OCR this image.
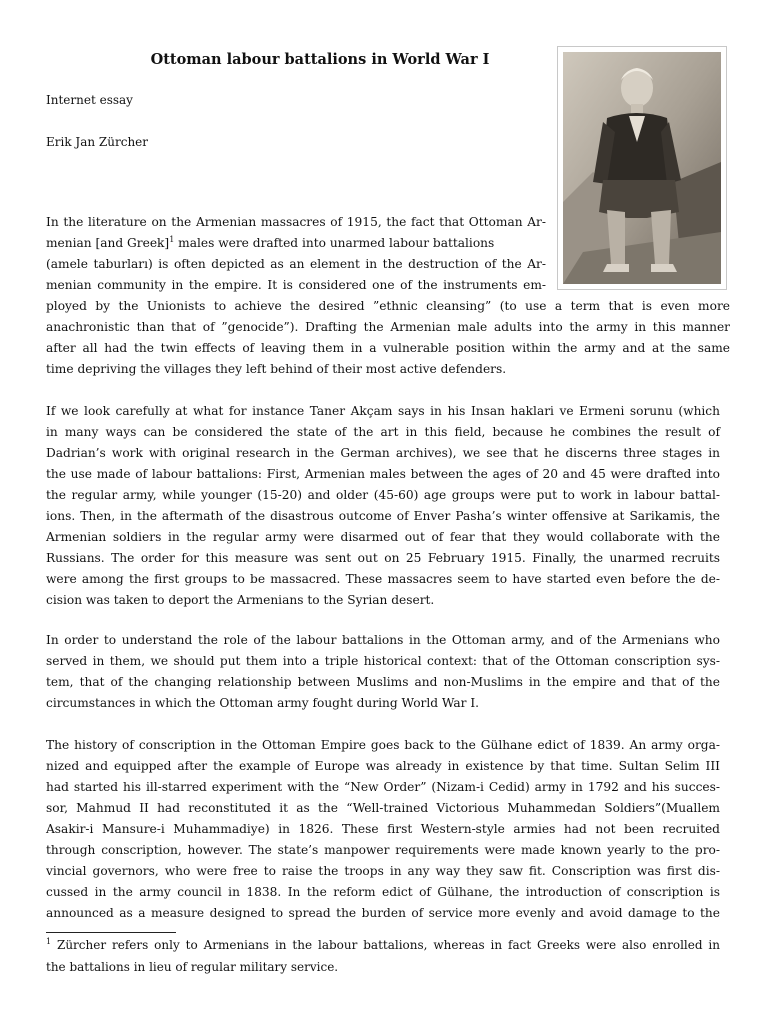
Ottoman labour battalions in World War I
Internet essay
Erik Jan Zürcher
In the literature on the Armenian massacres of 1915, the fact that Ottoman Ar-
menian [and Greek]$^1$ males were drafted into unarmed labour battalions
(amele taburları) is often depicted as an element in the destruction of the Ar-
menian community in the empire. It is considered one of the instruments em-
ployed by the Unionists to achieve the desired ”ethnic cleansing” (to use a term that is even more
anachronistic than that of ”genocide”). Drafting the Armenian male adults into the army in this manner
after all had the twin effects of leaving them in a vulnerable position within the army and at the same
time depriving the villages they left behind of their most active defenders.
If we look carefully at what for instance Taner Akçam says in his Insan haklari ve Ermeni sorunu (which
in many ways can be considered the state of the art in this field, because he combines the result of
Dadrian’s work with original research in the German archives), we see that he discerns three stages in
the use made of labour battalions: First, Armenian males between the ages of 20 and 45 were drafted into
the regular army, while younger (15-20) and older (45-60) age groups were put to work in labour battal-
ions. Then, in the aftermath of the disastrous outcome of Enver Pasha’s winter offensive at Sarikamis, the
Armenian soldiers in the regular army were disarmed out of fear that they would collaborate with the
Russians. The order for this measure was sent out on 25 February 1915. Finally, the unarmed recruits
were among the first groups to be massacred. These massacres seem to have started even before the de-
cision was taken to deport the Armenians to the Syrian desert.
In order to understand the role of the labour battalions in the Ottoman army, and of the Armenians who
served in them, we should put them into a triple historical context: that of the Ottoman conscription sys-
tem, that of the changing relationship between Muslims and non-Muslims in the empire and that of the
circumstances in which the Ottoman army fought during World War I.
The history of conscription in the Ottoman Empire goes back to the Gülhane edict of 1839. An army orga-
nized and equipped after the example of Europe was already in existence by that time. Sultan Selim III
had started his ill-starred experiment with the “New Order” (Nizam-i Cedid) army in 1792 and his succes-
sor, Mahmud II had reconstituted it as the “Well-trained Victorious Muhammedan Soldiers”(Muallem
Asakir-i Mansure-i Muhammadiye) in 1826. These first Western-style armies had not been recruited
through conscription, however. The state’s manpower requirements were made known yearly to the pro-
vincial governors, who were free to raise the troops in any way they saw fit. Conscription was first dis-
cussed in the army council in 1838. In the reform edict of Gülhane, the introduction of conscription is
announced as a measure designed to spread the burden of service more evenly and avoid damage to the
$^1$ Zürcher refers only to Armenians in the labour battalions, whereas in fact Greeks were also enrolled in
the battalions in lieu of regular military service.
